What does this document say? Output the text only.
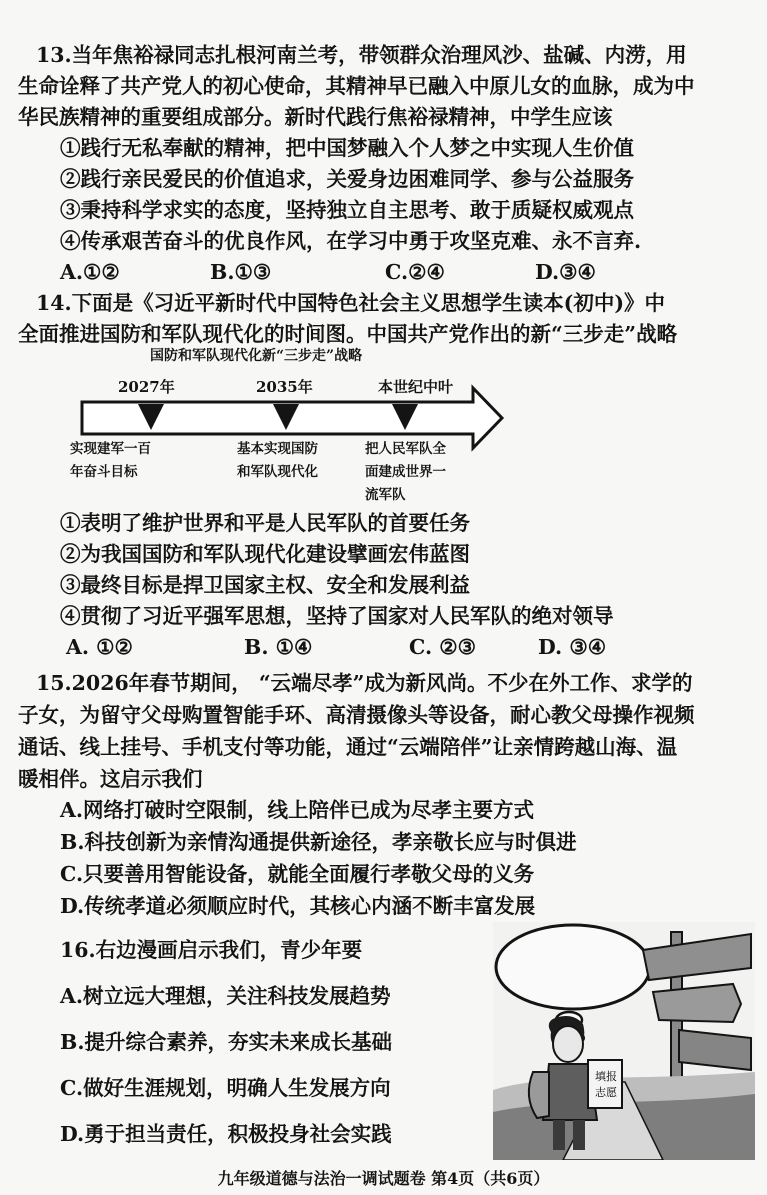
13.当年焦裕禄同志扎根河南兰考，带领群众治理风沙、盐碱、内涝，用
生命诠释了共产党人的初心使命，其精神早已融入中原儿女的血脉，成为中
华民族精神的重要组成部分。新时代践行焦裕禄精神，中学生应该
①践行无私奉献的精神，把中国梦融入个人梦之中实现人生价值
②践行亲民爱民的价值追求，关爱身边困难同学、参与公益服务
③秉持科学求实的态度，坚持独立自主思考、敢于质疑权威观点
④传承艰苦奋斗的优良作风，在学习中勇于攻坚克难、永不言弃.
A.①②	B.①③	C.②④	D.③④
14.下面是《习近平新时代中国特色社会主义思想学生读本(初中)》中
全面推进国防和军队现代化的时间图。中国共产党作出的新“三步走”战略
国防和军队现代化新“三步走”战略
2027年	2035年	本世纪中叶
实现建军一百
年奋斗目标
基本实现国防
和军队现代化
把人民军队全
面建成世界一
流军队
①表明了维护世界和平是人民军队的首要任务
②为我国国防和军队现代化建设擘画宏伟蓝图
③最终目标是捍卫国家主权、安全和发展利益
④贯彻了习近平强军思想，坚持了国家对人民军队的绝对领导
A. ①②	B. ①④	C. ②③	D. ③④
15.2026年春节期间， “云端尽孝”成为新风尚。不少在外工作、求学的
子女，为留守父母购置智能手环、高清摄像头等设备，耐心教父母操作视频
通话、线上挂号、手机支付等功能，通过“云端陪伴”让亲情跨越山海、温
暖相伴。这启示我们
A.网络打破时空限制，线上陪伴已成为尽孝主要方式
B.科技创新为亲情沟通提供新途径，孝亲敬长应与时俱进
C.只要善用智能设备，就能全面履行孝敬父母的义务
D.传统孝道必须顺应时代，其核心内涵不断丰富发展
16.右边漫画启示我们，青少年要
A.树立远大理想，关注科技发展趋势
B.提升综合素养，夯实未来成长基础
C.做好生涯规划，明确人生发展方向
D.勇于担当责任，积极投身社会实践
填报
志愿
九年级道德与法治一调试题卷 第4页（共6页）
